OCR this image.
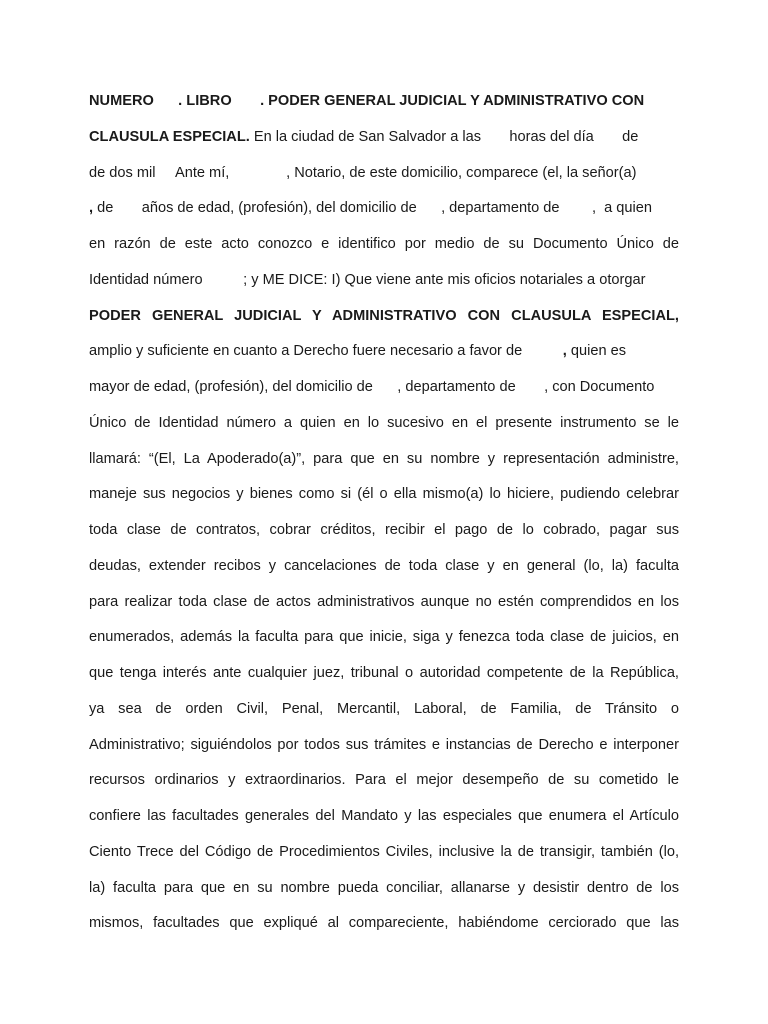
NUMERO      . LIBRO       . PODER GENERAL JUDICIAL Y ADMINISTRATIVO CON
CLAUSULA ESPECIAL. En la ciudad de San Salvador a las       horas del día       de
de dos mil     Ante mí,              , Notario, de este domicilio, comparece (el, la señor(a)
, de       años de edad, (profesión), del domicilio de      , departamento de        ,  a quien
en razón de este acto conozco e identifico por medio de su Documento Único de
Identidad número          ; y ME DICE: I) Que viene ante mis oficios notariales a otorgar
PODER GENERAL JUDICIAL Y ADMINISTRATIVO CON CLAUSULA ESPECIAL,
amplio y suficiente en cuanto a Derecho fuere necesario a favor de          , quien es
mayor de edad, (profesión), del domicilio de      , departamento de       , con Documento
Único de Identidad número a quien en lo sucesivo en el presente instrumento se le
llamará: “(El, La Apoderado(a)”, para que en su nombre y representación administre,
maneje sus negocios y bienes como si (él o ella mismo(a) lo hiciere, pudiendo celebrar
toda clase de contratos, cobrar créditos, recibir el pago de lo cobrado, pagar sus
deudas, extender recibos y cancelaciones de toda clase y en general (lo, la) faculta
para realizar toda clase de actos administrativos aunque no estén comprendidos en los
enumerados, además la faculta para que inicie, siga y fenezca toda clase de juicios, en
que tenga interés ante cualquier juez, tribunal o autoridad competente de la República,
ya sea de orden Civil, Penal, Mercantil, Laboral, de Familia, de Tránsito o
Administrativo; siguiéndolos por todos sus trámites e instancias de Derecho e interponer
recursos ordinarios y extraordinarios. Para el mejor desempeño de su cometido le
confiere las facultades generales del Mandato y las especiales que enumera el Artículo
Ciento Trece del Código de Procedimientos Civiles, inclusive la de transigir, también (lo,
la) faculta para que en su nombre pueda conciliar, allanarse y desistir dentro de los
mismos, facultades que expliqué al compareciente, habiéndome cerciorado que las
